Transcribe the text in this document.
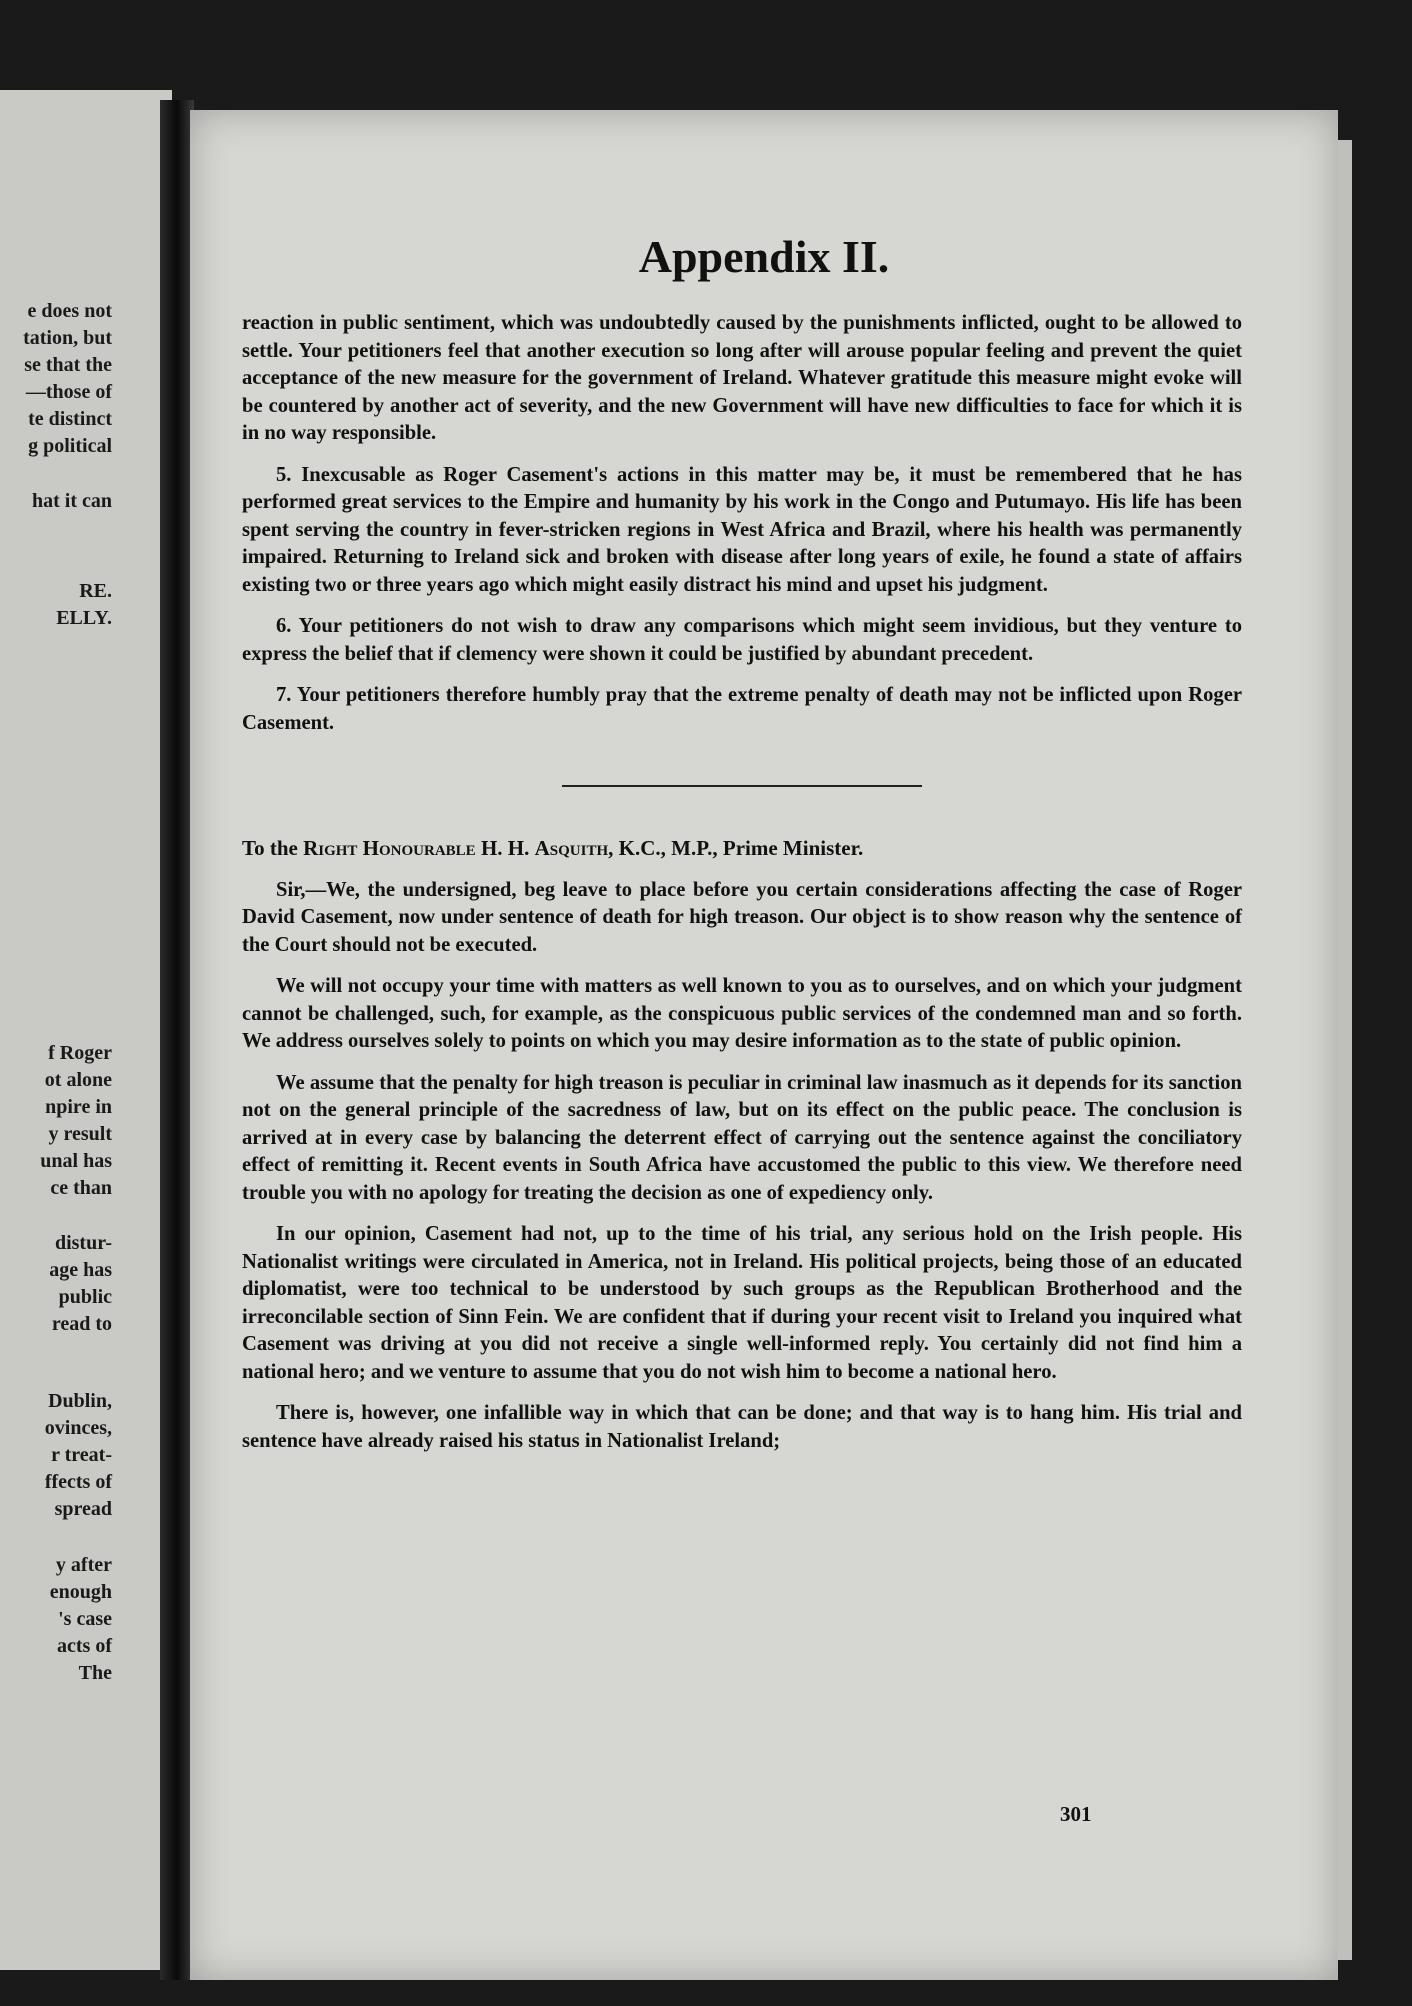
e does not
tation, but
se that the
—those of
te distinct
g political
hat it can
RE.
ELLY.
f Roger
ot alone
npire in
y result
unal has
ce than
distur-
age has
public
read to
Dublin,
ovinces,
r treat-
ffects of
spread
y after
enough
's case
acts of
The
Appendix II.

reaction in public sentiment, which was undoubtedly caused by the punishments inflicted, ought to be allowed to settle. Your petitioners feel that another execution so long after will arouse popular feeling and prevent the quiet acceptance of the new measure for the government of Ireland. Whatever gratitude this measure might evoke will be countered by another act of severity, and the new Government will have new difficulties to face for which it is in no way responsible.

5. Inexcusable as Roger Casement's actions in this matter may be, it must be remembered that he has performed great services to the Empire and humanity by his work in the Congo and Putumayo. His life has been spent serving the country in fever-stricken regions in West Africa and Brazil, where his health was permanently impaired. Returning to Ireland sick and broken with disease after long years of exile, he found a state of affairs existing two or three years ago which might easily distract his mind and upset his judgment.

6. Your petitioners do not wish to draw any comparisons which might seem invidious, but they venture to express the belief that if clemency were shown it could be justified by abundant precedent.

7. Your petitioners therefore humbly pray that the extreme penalty of death may not be inflicted upon Roger Casement.

To the Right Honourable H. H. Asquith, K.C., M.P., Prime Minister.

Sir,—We, the undersigned, beg leave to place before you certain considerations affecting the case of Roger David Casement, now under sentence of death for high treason. Our object is to show reason why the sentence of the Court should not be executed.

We will not occupy your time with matters as well known to you as to ourselves, and on which your judgment cannot be challenged, such, for example, as the conspicuous public services of the condemned man and so forth. We address ourselves solely to points on which you may desire information as to the state of public opinion.

We assume that the penalty for high treason is peculiar in criminal law inasmuch as it depends for its sanction not on the general principle of the sacredness of law, but on its effect on the public peace. The conclusion is arrived at in every case by balancing the deterrent effect of carrying out the sentence against the conciliatory effect of remitting it. Recent events in South Africa have accustomed the public to this view. We therefore need trouble you with no apology for treating the decision as one of expediency only.

In our opinion, Casement had not, up to the time of his trial, any serious hold on the Irish people. His Nationalist writings were circulated in America, not in Ireland. His political projects, being those of an educated diplomatist, were too technical to be understood by such groups as the Republican Brotherhood and the irreconcilable section of Sinn Fein. We are confident that if during your recent visit to Ireland you inquired what Casement was driving at you did not receive a single well-informed reply. You certainly did not find him a national hero; and we venture to assume that you do not wish him to become a national hero.

There is, however, one infallible way in which that can be done; and that way is to hang him. His trial and sentence have already raised his status in Nationalist Ireland;

301
